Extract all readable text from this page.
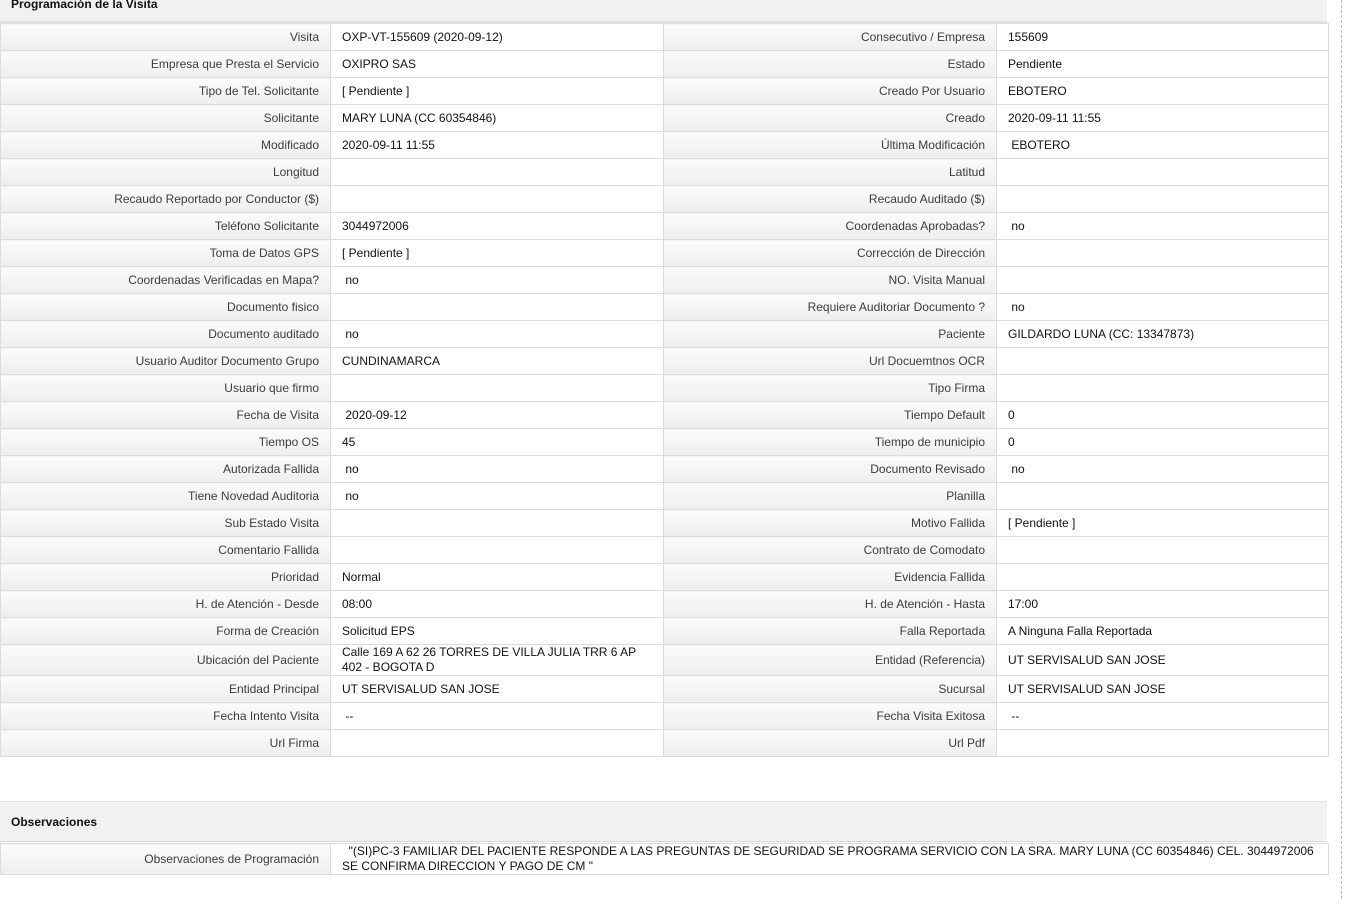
Programación de la Visita
Visita	OXP-VT-155609 (2020-09-12)	Consecutivo / Empresa	155609
Empresa que Presta el Servicio	OXIPRO SAS	Estado	Pendiente
Tipo de Tel. Solicitante	[ Pendiente ]	Creado Por Usuario	EBOTERO
Solicitante	MARY LUNA (CC 60354846)	Creado	2020-09-11 11:55
Modificado	2020-09-11 11:55	Última Modificación	EBOTERO
Longitud		Latitud	
Recaudo Reportado por Conductor ($)		Recaudo Auditado ($)	
Teléfono Solicitante	3044972006	Coordenadas Aprobadas?	no
Toma de Datos GPS	[ Pendiente ]	Corrección de Dirección	
Coordenadas Verificadas en Mapa?	no	NO. Visita Manual	
Documento fisico		Requiere Auditoriar Documento ?	no
Documento auditado	no	Paciente	GILDARDO LUNA (CC: 13347873)
Usuario Auditor Documento Grupo	CUNDINAMARCA	Url Docuemtnos OCR	
Usuario que firmo		Tipo Firma	
Fecha de Visita	2020-09-12	Tiempo Default	0
Tiempo OS	45	Tiempo de municipio	0
Autorizada Fallida	no	Documento Revisado	no
Tiene Novedad Auditoria	no	Planilla	
Sub Estado Visita		Motivo Fallida	[ Pendiente ]
Comentario Fallida		Contrato de Comodato	
Prioridad	Normal	Evidencia Fallida	
H. de Atención - Desde	08:00	H. de Atención - Hasta	17:00
Forma de Creación	Solicitud EPS	Falla Reportada	A Ninguna Falla Reportada
Ubicación del Paciente	Calle 169 A 62 26 TORRES DE VILLA JULIA TRR 6 AP 402 - BOGOTA D	Entidad (Referencia)	UT SERVISALUD SAN JOSE
Entidad Principal	UT SERVISALUD SAN JOSE	Sucursal	UT SERVISALUD SAN JOSE
Fecha Intento Visita	--	Fecha Visita Exitosa	--
Url Firma		Url Pdf	
Observaciones
Observaciones de Programación	"(SI)PC-3 FAMILIAR DEL PACIENTE RESPONDE A LAS PREGUNTAS DE SEGURIDAD SE PROGRAMA SERVICIO CON LA SRA. MARY LUNA (CC 60354846) CEL. 3044972006 SE CONFIRMA DIRECCION Y PAGO DE CM "
